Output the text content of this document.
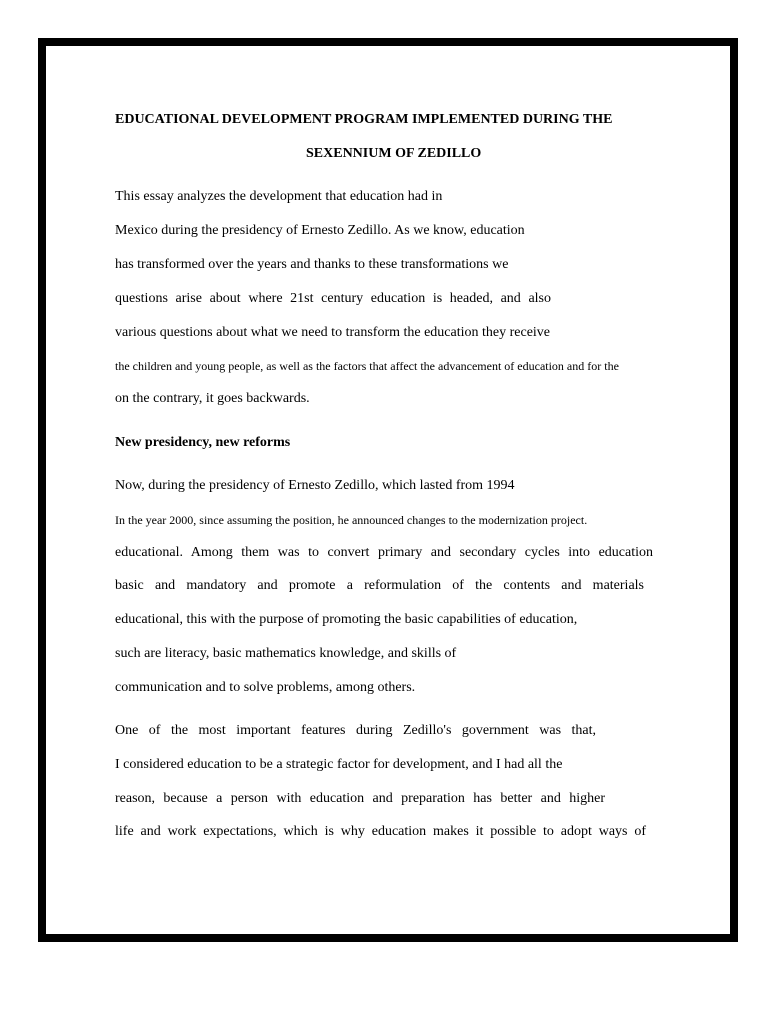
EDUCATIONAL DEVELOPMENT PROGRAM IMPLEMENTED DURING THE
SEXENNIUM OF ZEDILLO
This essay analyzes the development that education had in
Mexico during the presidency of Ernesto Zedillo. As we know, education
has transformed over the years and thanks to these transformations we
questions arise about where 21st century education is headed, and also
various questions about what we need to transform the education they receive
the children and young people, as well as the factors that affect the advancement of education and for the
on the contrary, it goes backwards.
New presidency, new reforms
Now, during the presidency of Ernesto Zedillo, which lasted from 1994
In the year 2000, since assuming the position, he announced changes to the modernization project.
educational. Among them was to convert primary and secondary cycles into education
basic and mandatory and promote a reformulation of the contents and materials
educational, this with the purpose of promoting the basic capabilities of education,
such are literacy, basic mathematics knowledge, and skills of
communication and to solve problems, among others.
One of the most important features during Zedillo's government was that,
I considered education to be a strategic factor for development, and I had all the
reason, because a person with education and preparation has better and higher
life and work expectations, which is why education makes it possible to adopt ways of
